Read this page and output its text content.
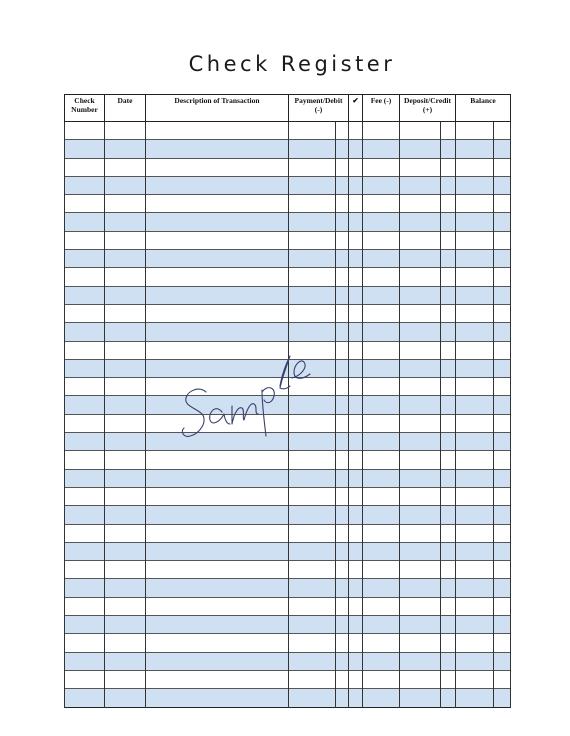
Check Register
Check Number	Date	Description of Transaction	Payment/Debit (-)		✔	Fee (-)	Deposit/Credit (+)		Balance	
